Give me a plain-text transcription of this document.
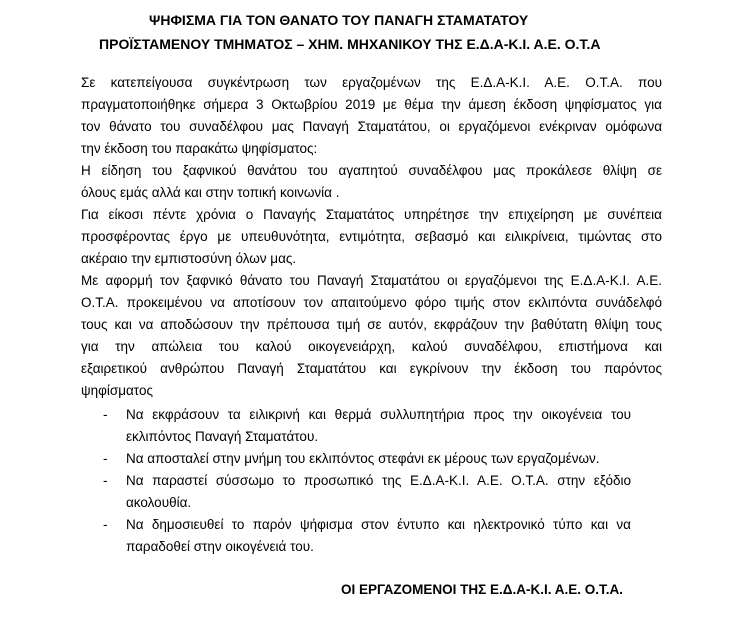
ΨΗΦΙΣΜΑ ΓΙΑ ΤΟΝ ΘΑΝΑΤΟ ΤΟΥ ΠΑΝΑΓΗ ΣΤΑΜΑΤΑΤΟΥ
ΠΡΟΪΣΤΑΜΕΝΟΥ ΤΜΗΜΑΤΟΣ – ΧΗΜ. ΜΗΧΑΝΙΚΟΥ ΤΗΣ Ε.Δ.Α-Κ.Ι. Α.Ε. Ο.Τ.Α
Σε κατεπείγουσα συγκέντρωση των εργαζομένων της Ε.Δ.Α-Κ.Ι. Α.Ε. Ο.Τ.Α. που
πραγματοποιήθηκε σήμερα 3 Οκτωβρίου 2019 με θέμα την άμεση έκδοση ψηφίσματος για
τον θάνατο του συναδέλφου μας Παναγή Σταματάτου, οι εργαζόμενοι ενέκριναν ομόφωνα
την έκδοση του παρακάτω ψηφίσματος:
Η είδηση του ξαφνικού θανάτου του αγαπητού συναδέλφου μας προκάλεσε θλίψη σε
όλους εμάς αλλά και στην τοπική κοινωνία .
Για είκοσι πέντε χρόνια ο Παναγής Σταματάτος υπηρέτησε την επιχείρηση με συνέπεια
προσφέροντας έργο με υπευθυνότητα, εντιμότητα, σεβασμό και ειλικρίνεια, τιμώντας στο
ακέραιο την εμπιστοσύνη όλων μας.
Με αφορμή τον ξαφνικό θάνατο του Παναγή Σταματάτου οι εργαζόμενοι της Ε.Δ.Α-Κ.Ι. Α.Ε.
Ο.Τ.Α. προκειμένου να αποτίσουν τον απαιτούμενο φόρο τιμής στον εκλιπόντα συνάδελφό
τους και να αποδώσουν την πρέπουσα τιμή σε αυτόν, εκφράζουν την βαθύτατη θλίψη τους
για την απώλεια του καλού οικογενειάρχη, καλού συναδέλφου, επιστήμονα και
εξαιρετικού ανθρώπου Παναγή Σταματάτου και εγκρίνουν την έκδοση του παρόντος
ψηφίσματος
- Να εκφράσουν τα ειλικρινή και θερμά συλλυπητήρια προς την οικογένεια του
εκλιπόντος Παναγή Σταματάτου.
- Να αποσταλεί στην μνήμη του εκλιπόντος στεφάνι εκ μέρους των εργαζομένων.
- Να παραστεί σύσσωμο το προσωπικό της Ε.Δ.Α-Κ.Ι. Α.Ε. Ο.Τ.Α. στην εξόδιο
ακολουθία.
- Να δημοσιευθεί το παρόν ψήφισμα στον έντυπο και ηλεκτρονικό τύπο και να
παραδοθεί στην οικογένειά του.
ΟΙ ΕΡΓΑΖΟΜΕΝΟΙ ΤΗΣ Ε.Δ.Α-Κ.Ι. Α.Ε. Ο.Τ.Α.
